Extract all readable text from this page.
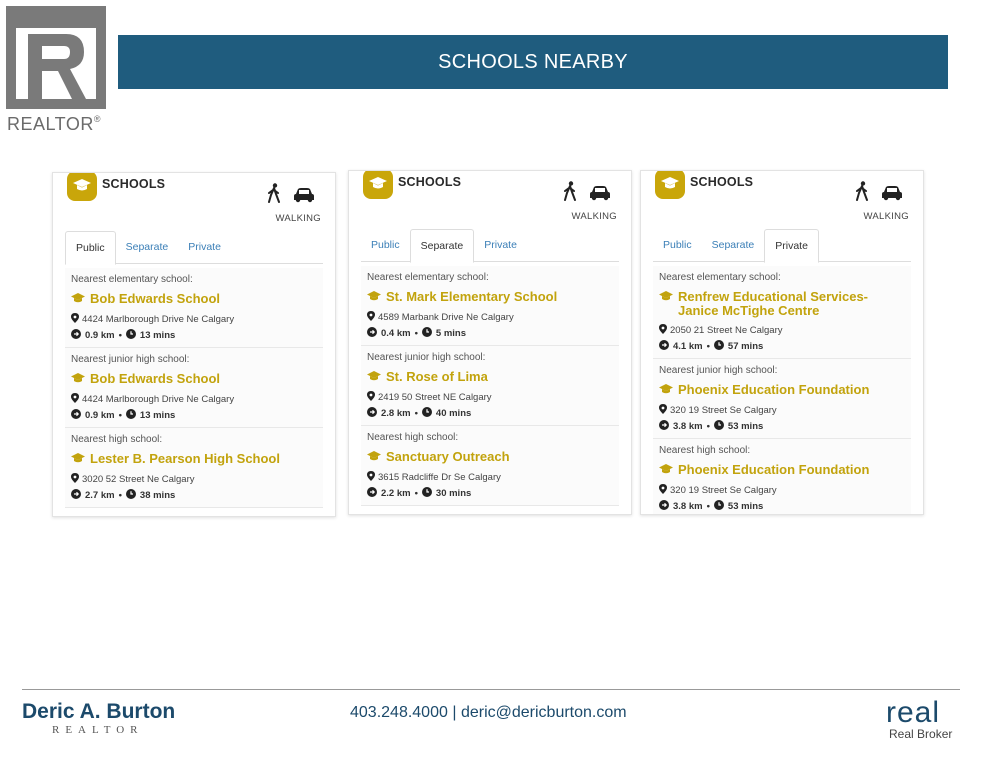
REALTOR®
SCHOOLS NEARBY
SCHOOLS
WALKING
Public	Separate	Private
Nearest elementary school:
Bob Edwards School
4424 Marlborough Drive Ne Calgary
0.9 km • 13 mins
Nearest junior high school:
Bob Edwards School
4424 Marlborough Drive Ne Calgary
0.9 km • 13 mins
Nearest high school:
Lester B. Pearson High School
3020 52 Street Ne Calgary
2.7 km • 38 mins
SCHOOLS
WALKING
Public	Separate	Private
Nearest elementary school:
St. Mark Elementary School
4589 Marbank Drive Ne Calgary
0.4 km • 5 mins
Nearest junior high school:
St. Rose of Lima
2419 50 Street NE Calgary
2.8 km • 40 mins
Nearest high school:
Sanctuary Outreach
3615 Radcliffe Dr Se Calgary
2.2 km • 30 mins
SCHOOLS
WALKING
Public	Separate	Private
Nearest elementary school:
Renfrew Educational Services-Janice McTighe Centre
2050 21 Street Ne Calgary
4.1 km • 57 mins
Nearest junior high school:
Phoenix Education Foundation
320 19 Street Se Calgary
3.8 km • 53 mins
Nearest high school:
Phoenix Education Foundation
320 19 Street Se Calgary
3.8 km • 53 mins
Deric A. Burton
REALTOR
403.248.4000 | deric@dericburton.com	real
Real Broker
